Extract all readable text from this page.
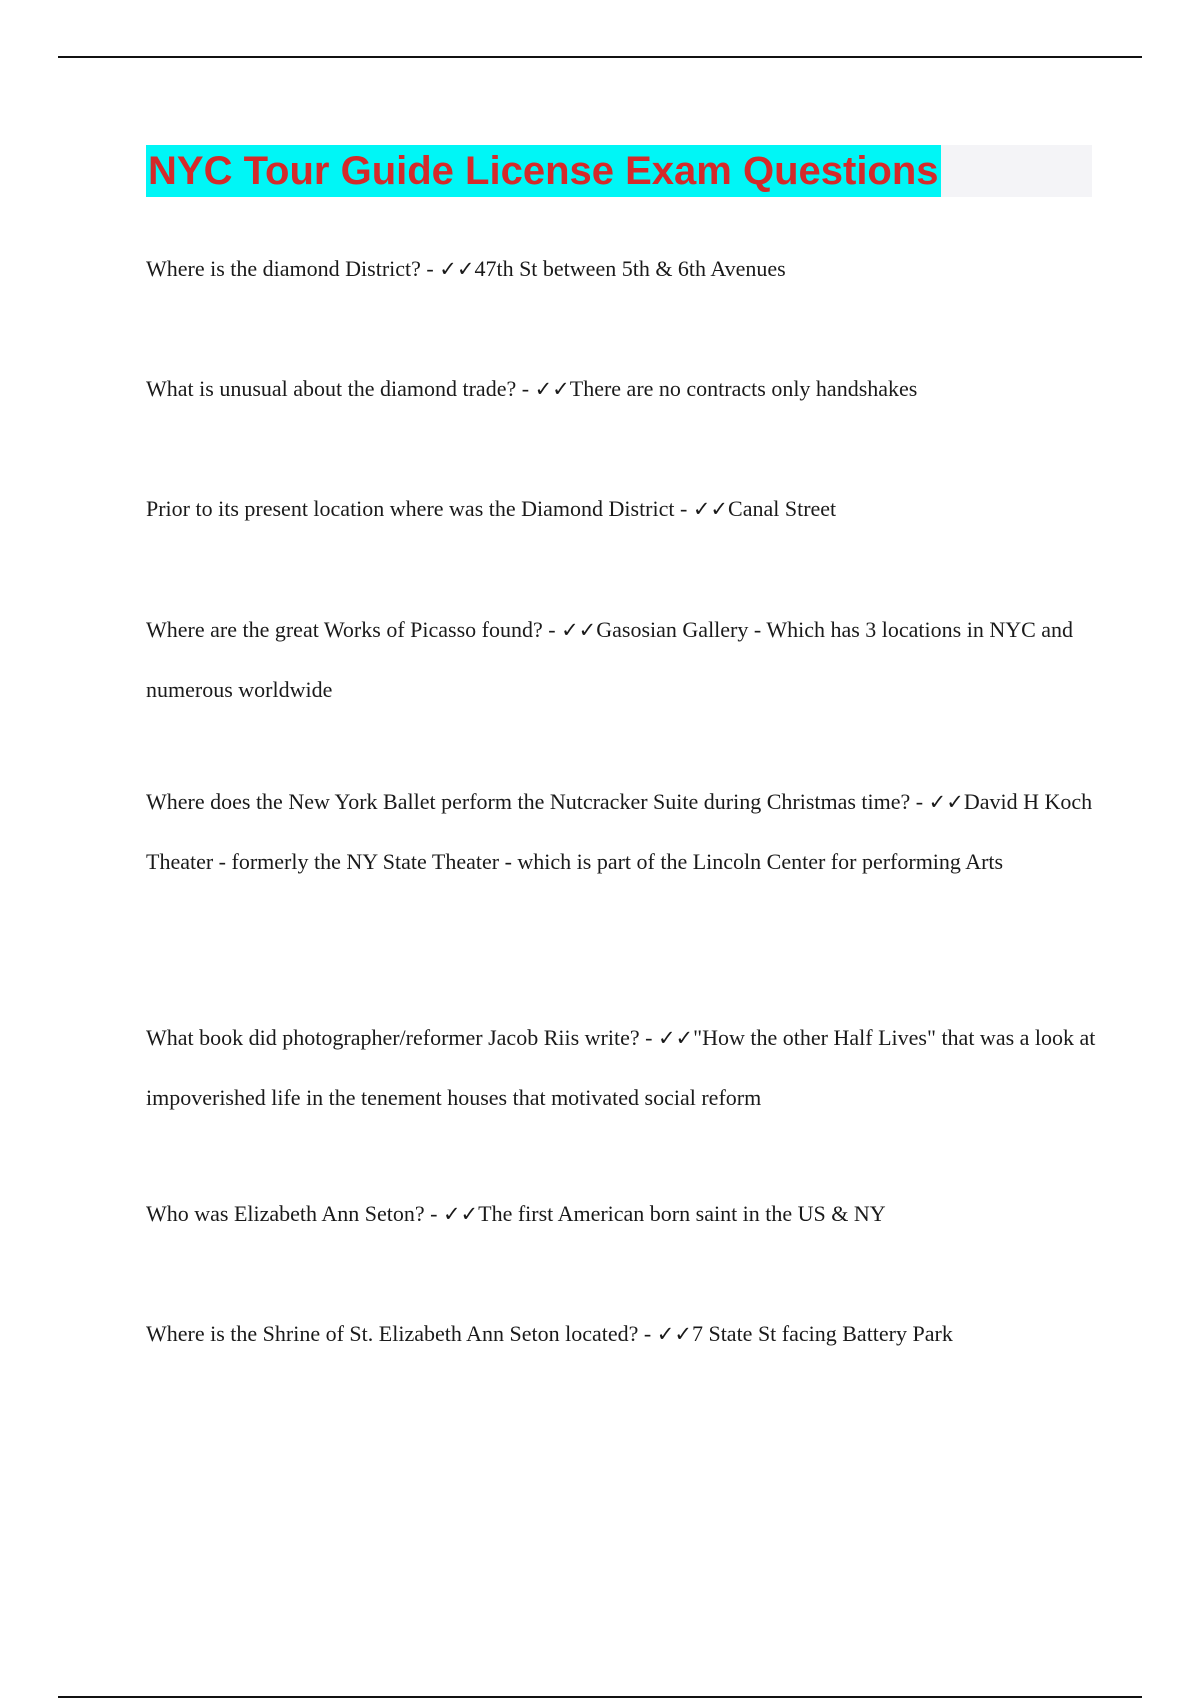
NYC Tour Guide License Exam Questions

Where is the diamond District? - ✓✓47th St between 5th & 6th Avenues

What is unusual about the diamond trade? - ✓✓There are no contracts only handshakes

Prior to its present location where was the Diamond District - ✓✓Canal Street

Where are the great Works of Picasso found? - ✓✓Gasosian Gallery - Which has 3 locations in NYC and numerous worldwide

Where does the New York Ballet perform the Nutcracker Suite during Christmas time? - ✓✓David H Koch Theater - formerly the NY State Theater - which is part of the Lincoln Center for performing Arts

What book did photographer/reformer Jacob Riis write? - ✓✓"How the other Half Lives" that was a look at impoverished life in the tenement houses that motivated social reform

Who was Elizabeth Ann Seton? - ✓✓The first American born saint in the US & NY

Where is the Shrine of St. Elizabeth Ann Seton located? - ✓✓7 State St facing Battery Park
